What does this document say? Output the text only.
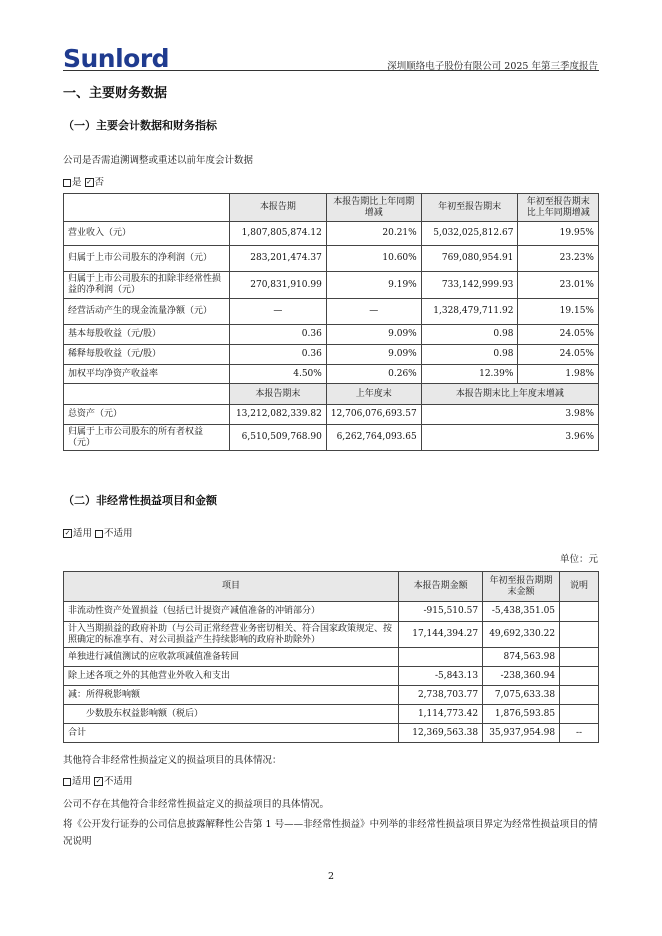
Sunlord	深圳顺络电子股份有限公司 2025 年第三季度报告
一、主要财务数据
（一）主要会计数据和财务指标
公司是否需追溯调整或重述以前年度会计数据
是 ✓ 否
	本报告期	本报告期比上年同期增减	年初至报告期末	年初至报告期末比上年同期增减
营业收入（元）	1,807,805,874.12	20.21%	5,032,025,812.67	19.95%
归属于上市公司股东的净利润（元）	283,201,474.37	10.60%	769,080,954.91	23.23%
归属于上市公司股东的扣除非经常性损益的净利润（元）	270,831,910.99	9.19%	733,142,999.93	23.01%
经营活动产生的现金流量净额（元）	—	—	1,328,479,711.92	19.15%
基本每股收益（元/股）	0.36	9.09%	0.98	24.05%
稀释每股收益（元/股）	0.36	9.09%	0.98	24.05%
加权平均净资产收益率	4.50%	0.26%	12.39%	1.98%
	本报告期末	上年度末	本报告期末比上年度末增减	
总资产（元）	13,212,082,339.82	12,706,076,693.57	3.98%	
归属于上市公司股东的所有者权益（元）	6,510,509,768.90	6,262,764,093.65	3.96%	
（二）非经常性损益项目和金额
✓ 适用 不适用
单位：元
项目	本报告期金额	年初至报告期期末金额	说明
非流动性资产处置损益（包括已计提资产减值准备的冲销部分）	-915,510.57	-5,438,351.05	
计入当期损益的政府补助（与公司正常经营业务密切相关、符合国家政策规定、按照确定的标准享有、对公司损益产生持续影响的政府补助除外）	17,144,394.27	49,692,330.22	
单独进行减值测试的应收款项减值准备转回		874,563.98	
除上述各项之外的其他营业外收入和支出	-5,843.13	-238,360.94	
减：所得税影响额	2,738,703.77	7,075,633.38	
少数股东权益影响额（税后）	1,114,773.42	1,876,593.85	
合计	12,369,563.38	35,937,954.98	--
其他符合非经常性损益定义的损益项目的具体情况：
适用 ✓ 不适用
公司不存在其他符合非经常性损益定义的损益项目的具体情况。
将《公开发行证券的公司信息披露解释性公告第 1 号——非经常性损益》中列举的非经常性损益项目界定为经常性损益项目的情况说明
2
